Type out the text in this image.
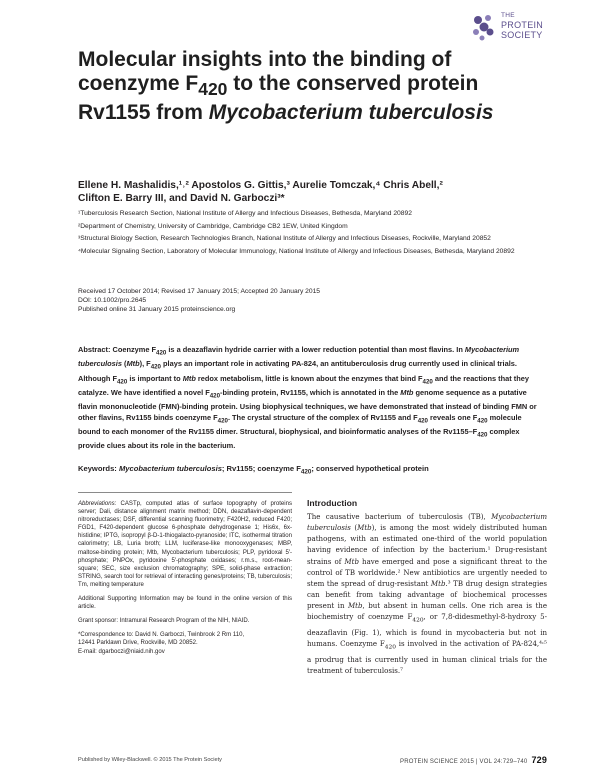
THE
PROTEIN
SOCIETY
Molecular insights into the binding of
coenzyme $F_{420}$ to the conserved protein
Rv1155 from Mycobacterium tuberculosis
Ellene H. Mashalidis,¹˒² Apostolos G. Gittis,³ Aurelie Tomczak,⁴ Chris Abell,²
Clifton E. Barry III, and David N. Garboczi³*

¹Tuberculosis Research Section, National Institute of Allergy and Infectious Diseases, Bethesda, Maryland 20892

²Department of Chemistry, University of Cambridge, Cambridge CB2 1EW, United Kingdom

³Structural Biology Section, Research Technologies Branch, National Institute of Allergy and Infectious Diseases, Rockville, Maryland 20852

⁴Molecular Signaling Section, Laboratory of Molecular Immunology, National Institute of Allergy and Infectious Diseases, Bethesda, Maryland 20892

Received 17 October 2014; Revised 17 January 2015; Accepted 20 January 2015
DOI: 10.1002/pro.2645
Published online 31 January 2015 proteinscience.org
Abstract: Coenzyme $F_{420}$ is a deazaflavin hydride carrier with a lower reduction potential than most flavins. In Mycobacterium tuberculosis (Mtb), $F_{420}$ plays an important role in activating PA-824, an antituberculosis drug currently used in clinical trials. Although $F_{420}$ is important to Mtb redox metabolism, little is known about the enzymes that bind $F_{420}$ and the reactions that they catalyze. We have identified a novel $F_{420}$-binding protein, Rv1155, which is annotated in the Mtb genome sequence as a putative flavin mononucleotide (FMN)-binding protein. Using biophysical techniques, we have demonstrated that instead of binding FMN or other flavins, Rv1155 binds coenzyme $F_{420}$. The crystal structure of the complex of Rv1155 and $F_{420}$ reveals one $F_{420}$ molecule bound to each monomer of the Rv1155 dimer. Structural, biophysical, and bioinformatic analyses of the $Rv1155-F_{420}$ complex provide clues about its role in the bacterium.
Keywords: Mycobacterium tuberculosis; Rv1155; coenzyme $F_{420}$; conserved hypothetical protein

Abbreviations: CASTp, computed atlas of surface topography of proteins server; Dali, distance alignment matrix method; DDN, deazaflavin-dependent nitroreductases; DSF, differential scanning fluorimetry; F420H2, reduced F420; FGD1, F420-dependent glucose 6-phosphate dehydrogenase 1; His6x, 6x-histidine; IPTG, isopropyl β-D-1-thiogalacto-pyranoside; ITC, isothermal titration calorimetry; LB, Luria broth; LLM, luciferase-like monooxygenases; MBP, maltose-binding protein; Mtb, Mycobacterium tuberculosis; PLP, pyridoxal 5′-phosphate; PNPOx, pyridoxine 5′-phosphate oxidases; r.m.s., root-mean-square; SEC, size exclusion chromatography; SPE, solid-phase extraction; STRING, search tool for retrieval of interacting genes/proteins; TB, tuberculosis; Tm, melting temperature

Additional Supporting Information may be found in the online version of this article.

Grant sponsor: Intramural Research Program of the NIH, NIAID.

*Correspondence to: David N. Garboczi, Twinbrook 2 Rm 110,
12441 Parklawn Drive, Rockville, MD 20852.
E-mail: dgarboczi@niaid.nih.gov

Introduction
The causative bacterium of tuberculosis (TB), Mycobacterium tuberculosis (Mtb), is among the most widely distributed human pathogens, with an estimated one-third of the world population having evidence of infection by the bacterium.¹ Drug-resistant strains of Mtb have emerged and pose a significant threat to the control of TB worldwide.² New antibiotics are urgently needed to stem the spread of drug-resistant Mtb.³ TB drug design strategies can benefit from taking advantage of biochemical processes present in Mtb, but absent in human cells. One rich area is the biochemistry of coenzyme $F_{420}$, or 7,8-didesmethyl-8-hydroxy 5-deazaflavin (Fig. 1), which is found in mycobacteria but not in humans. Coenzyme $F_{420}$ is involved in the activation of PA-824,⁴˒⁵ a prodrug that is currently used in human clinical trials for the treatment of tuberculosis.⁷
Published by Wiley-Blackwell. © 2015 The Protein Society	PROTEIN SCIENCE 2015 | VOL 24:729–740 729
